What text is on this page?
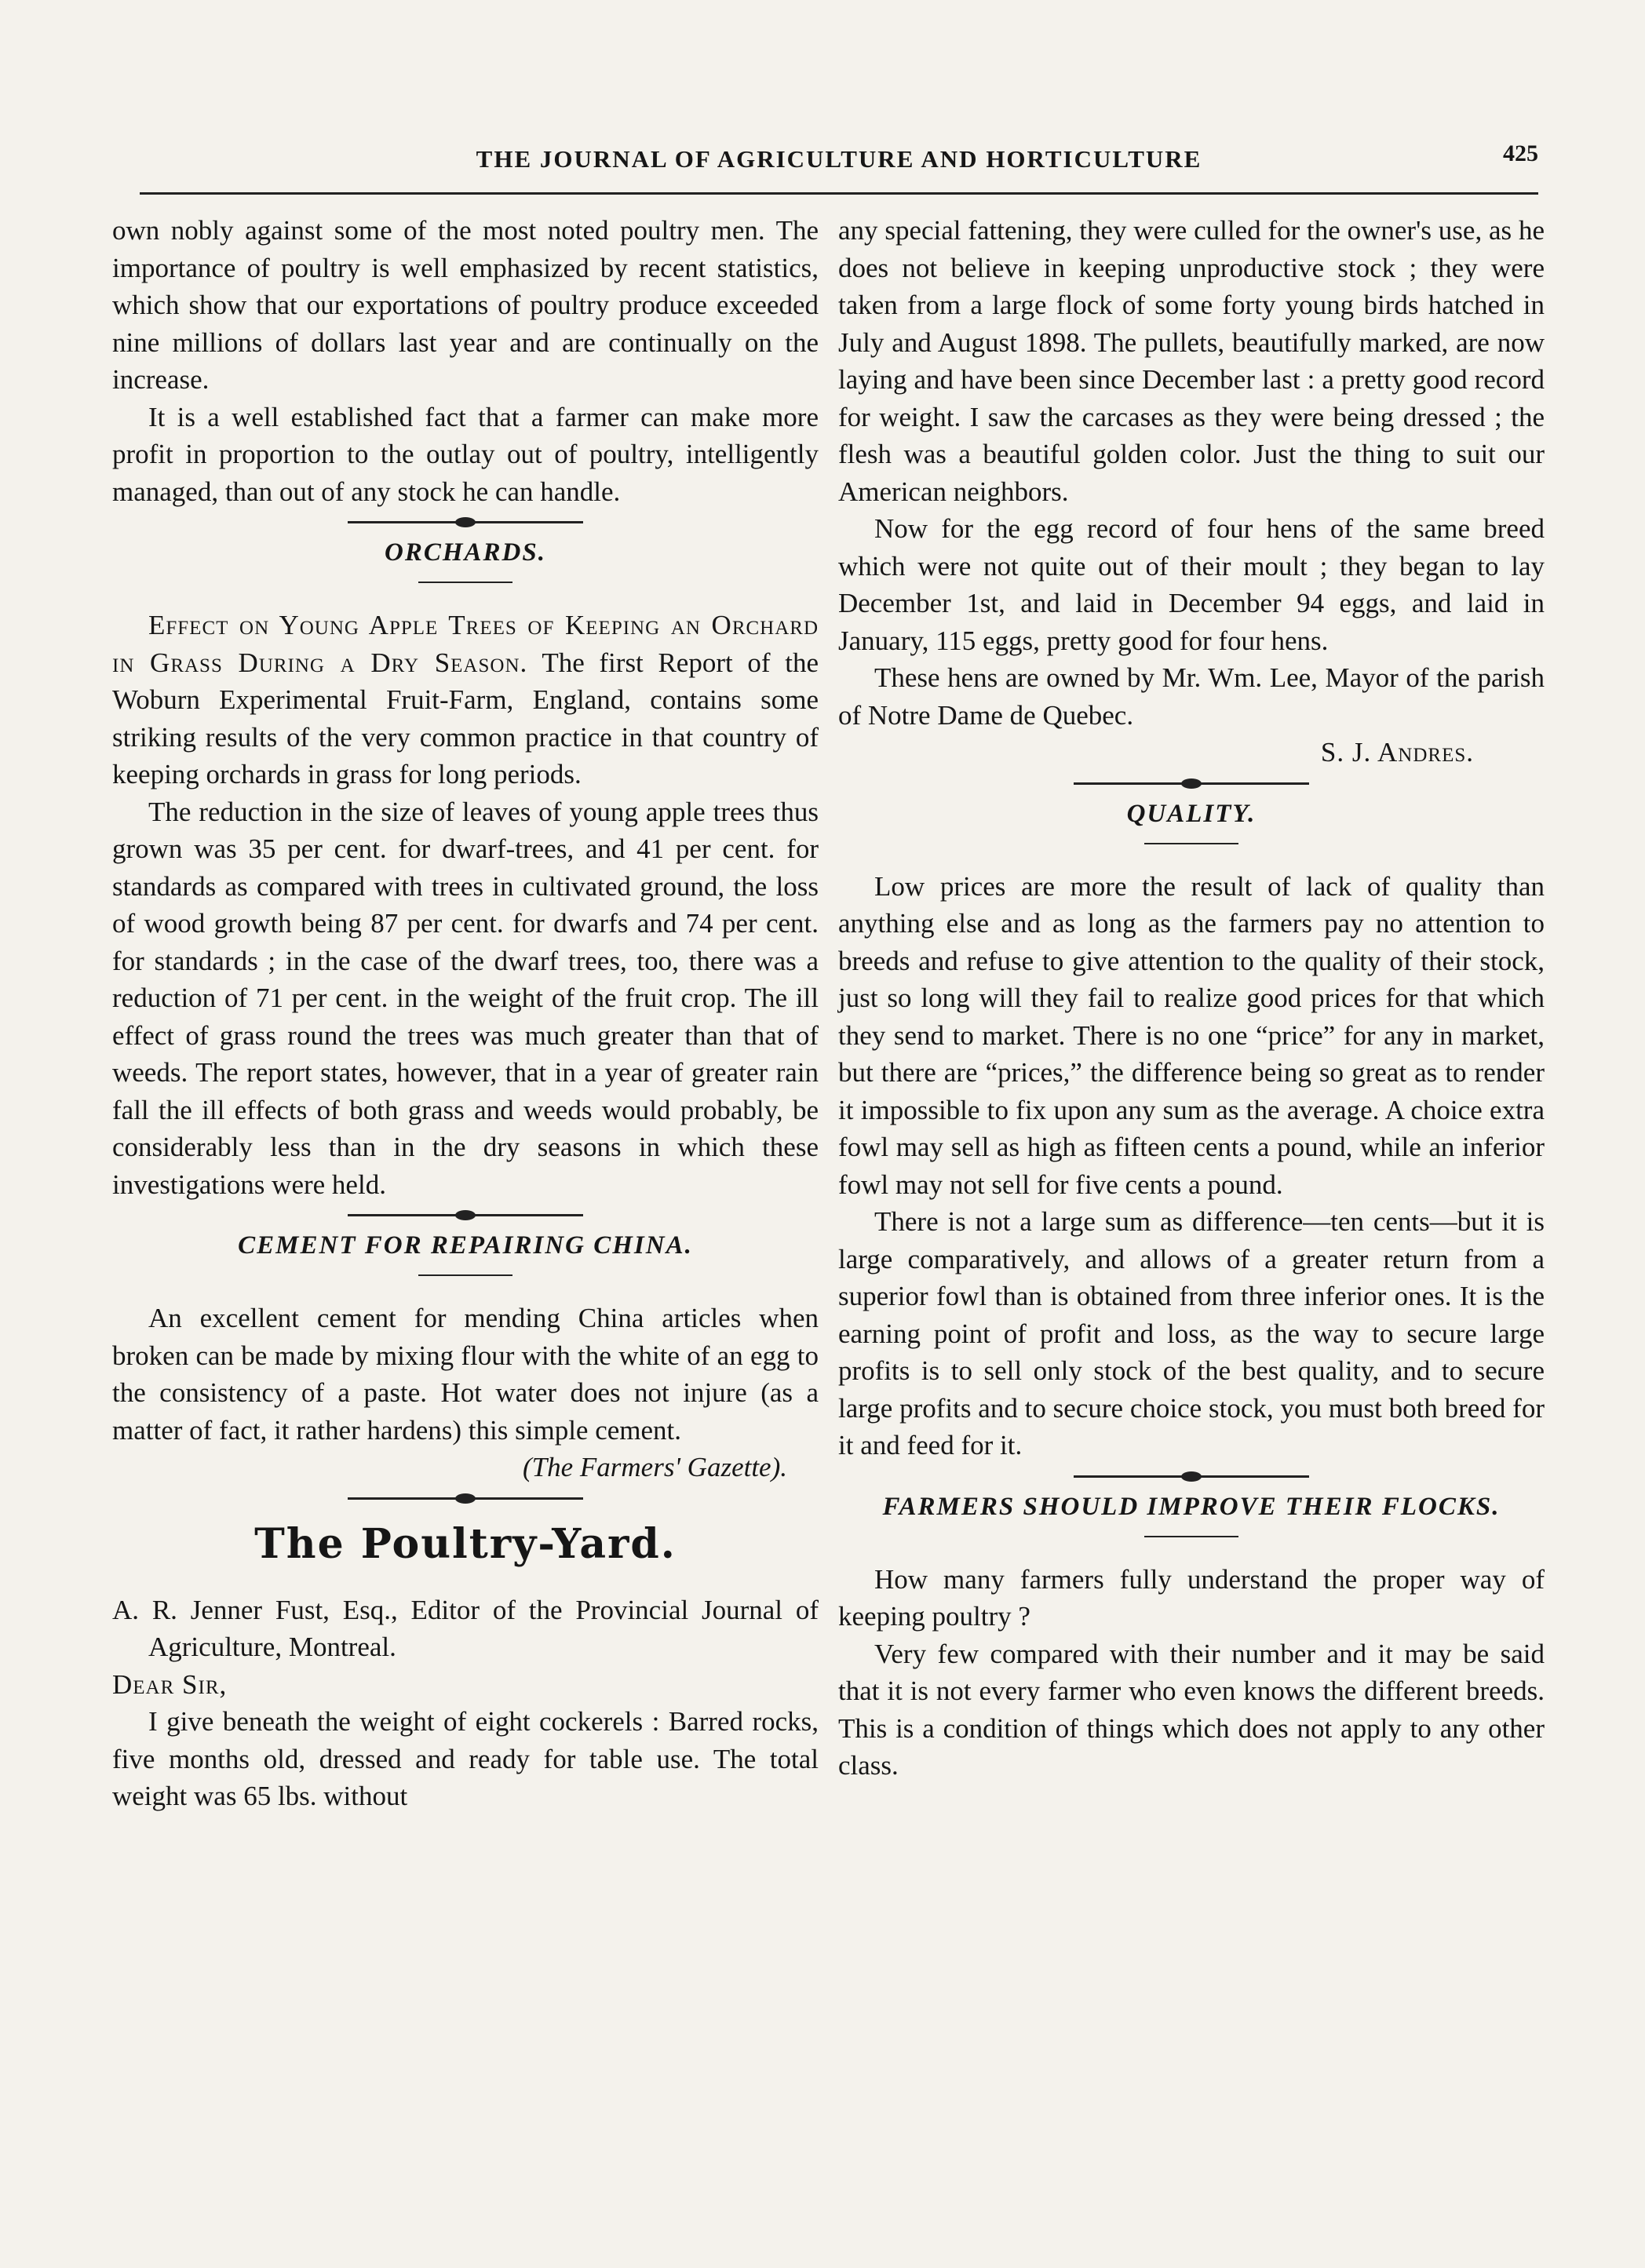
THE JOURNAL OF AGRICULTURE AND HORTICULTURE	425

own nobly against some of the most noted poultry men. The importance of poultry is well emphasized by recent statistics, which show that our exportations of poultry produce exceeded nine millions of dollars last year and are continually on the increase.

It is a well established fact that a farmer can make more profit in proportion to the outlay out of poultry, intelligently managed, than out of any stock he can handle.

ORCHARDS.

Effect on Young Apple Trees of Keeping an Orchard in Grass During a Dry Season. The first Report of the Woburn Experimental Fruit-Farm, England, contains some striking results of the very common practice in that country of keeping orchards in grass for long periods.

The reduction in the size of leaves of young apple trees thus grown was 35 per cent. for dwarf-trees, and 41 per cent. for standards as compared with trees in cultivated ground, the loss of wood growth being 87 per cent. for dwarfs and 74 per cent. for standards ; in the case of the dwarf trees, too, there was a reduction of 71 per cent. in the weight of the fruit crop. The ill effect of grass round the trees was much greater than that of weeds. The report states, however, that in a year of greater rain fall the ill effects of both grass and weeds would probably, be considerably less than in the dry seasons in which these investigations were held.

CEMENT FOR REPAIRING CHINA.

An excellent cement for mending China articles when broken can be made by mixing flour with the white of an egg to the consistency of a paste. Hot water does not injure (as a matter of fact, it rather hardens) this simple cement.

(The Farmers' Gazette).

The Poultry-Yard.

A. R. Jenner Fust, Esq., Editor of the Provincial Journal of Agriculture, Montreal.

Dear Sir,

I give beneath the weight of eight cockerels : Barred rocks, five months old, dressed and ready for table use. The total weight was 65 lbs. without

any special fattening, they were culled for the owner's use, as he does not believe in keeping unproductive stock ; they were taken from a large flock of some forty young birds hatched in July and August 1898. The pullets, beautifully marked, are now laying and have been since December last : a pretty good record for weight. I saw the carcases as they were being dressed ; the flesh was a beautiful golden color. Just the thing to suit our American neighbors.

Now for the egg record of four hens of the same breed which were not quite out of their moult ; they began to lay December 1st, and laid in December 94 eggs, and laid in January, 115 eggs, pretty good for four hens.

These hens are owned by Mr. Wm. Lee, Mayor of the parish of Notre Dame de Quebec.

S. J. Andres.

QUALITY.

Low prices are more the result of lack of quality than anything else and as long as the farmers pay no attention to breeds and refuse to give attention to the quality of their stock, just so long will they fail to realize good prices for that which they send to market. There is no one “price” for any in market, but there are “prices,” the difference being so great as to render it impossible to fix upon any sum as the average. A choice extra fowl may sell as high as fifteen cents a pound, while an inferior fowl may not sell for five cents a pound.

There is not a large sum as difference—ten cents—but it is large comparatively, and allows of a greater return from a superior fowl than is obtained from three inferior ones. It is the earning point of profit and loss, as the way to secure large profits is to sell only stock of the best quality, and to secure large profits and to secure choice stock, you must both breed for it and feed for it.

FARMERS SHOULD IMPROVE THEIR FLOCKS.

How many farmers fully understand the proper way of keeping poultry ?

Very few compared with their number and it may be said that it is not every farmer who even knows the different breeds. This is a condition of things which does not apply to any other class.
